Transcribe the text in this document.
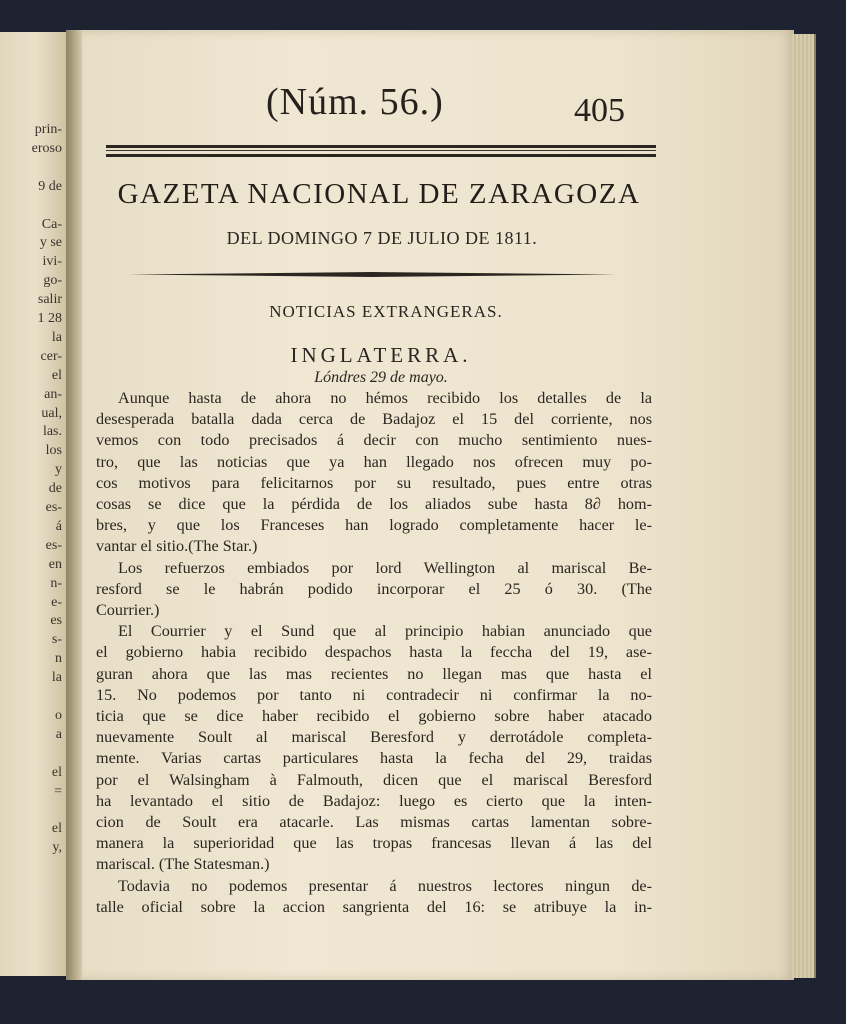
prin-
eroso
9 de
Ca-
y se
ivi-
go-
salir
1 28
la
cer-
el
an-
ual,
las.
los
y
de
es-
á
es-
en
n-
e-
es
s-
n
la
o
a
el
=
el
y,
(Núm. 56.)	405
GAZETA NACIONAL DE ZARAGOZA
DEL DOMINGO 7 DE JULIO DE 1811.
NOTICIAS EXTRANGERAS.
INGLATERRA.
Lóndres 29 de mayo.
Aunque hasta de ahora no hémos recibido los detalles de la
desesperada batalla dada cerca de Badajoz el 15 del corriente, nos
vemos con todo precisados á decir con mucho sentimiento nues-
tro, que las noticias que ya han llegado nos ofrecen muy po-
cos motivos para felicitarnos por su resultado, pues entre otras
cosas se dice que la pérdida de los aliados sube hasta 8∂ hom-
bres, y que los Franceses han logrado completamente hacer le-
vantar el sitio.(The Star.)
Los refuerzos embiados por lord Wellington al mariscal Be-
resford se le habrán podido incorporar el 25 ó 30. (The
Courrier.)
El Courrier y el Sund que al principio habian anunciado que
el gobierno habia recibido despachos hasta la feccha del 19, ase-
guran ahora que las mas recientes no llegan mas que hasta el
15. No podemos por tanto ni contradecir ni confirmar la no-
ticia que se dice haber recibido el gobierno sobre haber atacado
nuevamente Soult al mariscal Beresford y derrotádole completa-
mente. Varias cartas particulares hasta la fecha del 29, traidas
por el Walsingham à Falmouth, dicen que el mariscal Beresford
ha levantado el sitio de Badajoz: luego es cierto que la inten-
cion de Soult era atacarle. Las mismas cartas lamentan sobre-
manera la superioridad que las tropas francesas llevan á las del
mariscal. (The Statesman.)
Todavia no podemos presentar á nuestros lectores ningun de-
talle oficial sobre la accion sangrienta del 16: se atribuye la in-
